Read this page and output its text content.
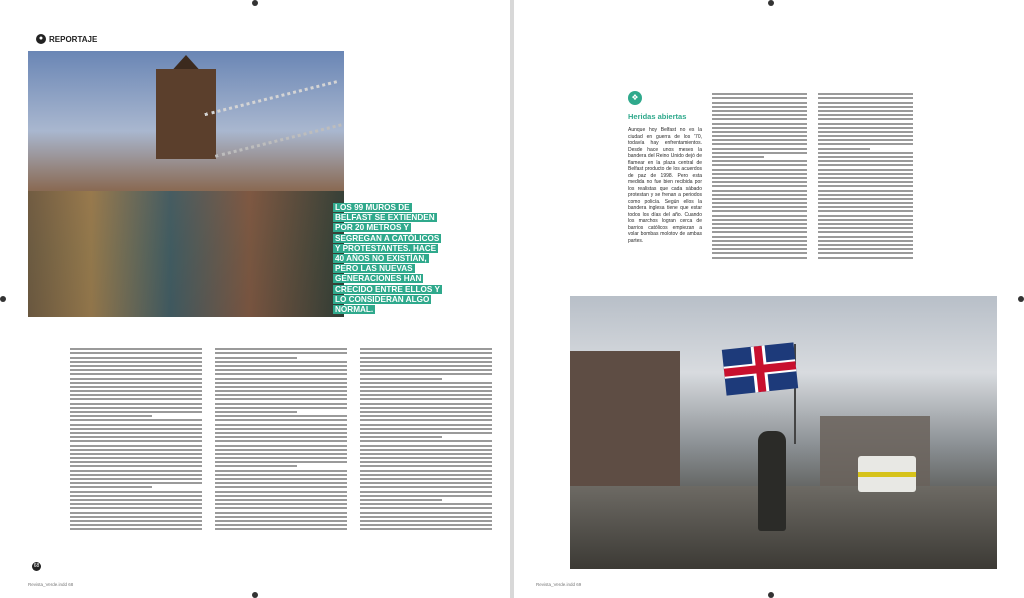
● REPORTAJE
LOS 99 MUROS DE BELFAST SE EXTIENDEN POR 20 METROS Y SEGREGAN A CATÓLICOS Y PROTESTANTES. HACE 40 AÑOS NO EXISTÍAN, PERO LAS NUEVAS GENERACIONES HAN CRECIDO ENTRE ELLOS Y LO CONSIDERAN ALGO NORMAL.
68
Revista_Verde.indd 68
❖
Heridas abiertas
Aunque hoy Belfast no es la ciudad en guerra de los '70, todavía hay enfrentamientos. Desde hace unos meses la bandera del Reino Unido dejó de flamear en la plaza central de Belfast producto de los acuerdos de paz de 1998. Pero esta medida no fue bien recibida por los realistas que cada sábado protestan y se frenan a periodos como policía. Según ellos la bandera inglesa tiene que estar todos los días del año. Cuando los marchos logran cerca de barrios católicos empiezan a volar bombas molotov de ambas partes.
Revista_Verde.indd 69
